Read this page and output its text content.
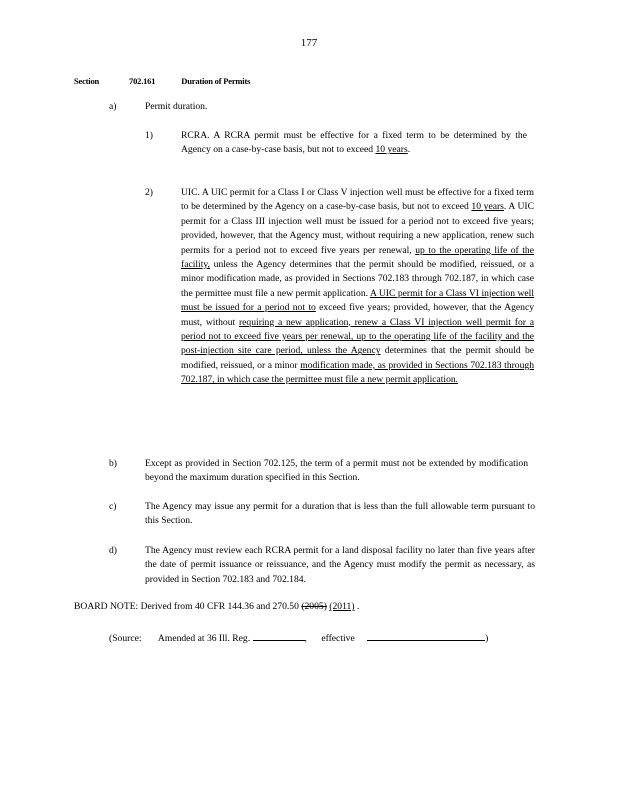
177
Section	702.161	Duration of Permits
a)	Permit duration.
1)	RCRA. A RCRA permit must be effective for a fixed term to be determined by the Agency on a case-by-case basis, but not to exceed 10 years.

2)	UIC. A UIC permit for a Class I or Class V injection well must be effective for a fixed term to be determined by the Agency on a case-by-case basis, but not to exceed 10 years. A UIC permit for a Class III injection well must be issued for a period not to exceed five years; provided, however, that the Agency must, without requiring a new application, renew such permits for a period not to exceed five years per renewal, up to the operating life of the facility, unless the Agency determines that the permit should be modified, reissued, or a minor modification made, as provided in Sections 702.183 through 702.187, in which case the permittee must file a new permit application. A UIC permit for a Class VI injection well must be issued for a period not to exceed five years; provided, however, that the Agency must, without requiring a new application, renew a Class VI injection well permit for a period not to exceed five years per renewal, up to the operating life of the facility and the post-injection site care period, unless the Agency determines that the permit should be modified, reissued, or a minor modification made, as provided in Sections 702.183 through 702.187, in which case the permittee must file a new permit application.

b)	Except as provided in Section 702.125, the term of a permit must not be extended by modification beyond the maximum duration specified in this Section.
c)	The Agency may issue any permit for a duration that is less than the full allowable term pursuant to this Section.
d)	The Agency must review each RCRA permit for a land disposal facility no later than five years after the date of permit issuance or reissuance, and the Agency must modify the permit as necessary, as provided in Section 702.183 and 702.184.
BOARD NOTE: Derived from 40 CFR 144.36 and 270.50 (2005) (2011) .
(Source: Amended at 36 Ill. Reg.	, effective	)
